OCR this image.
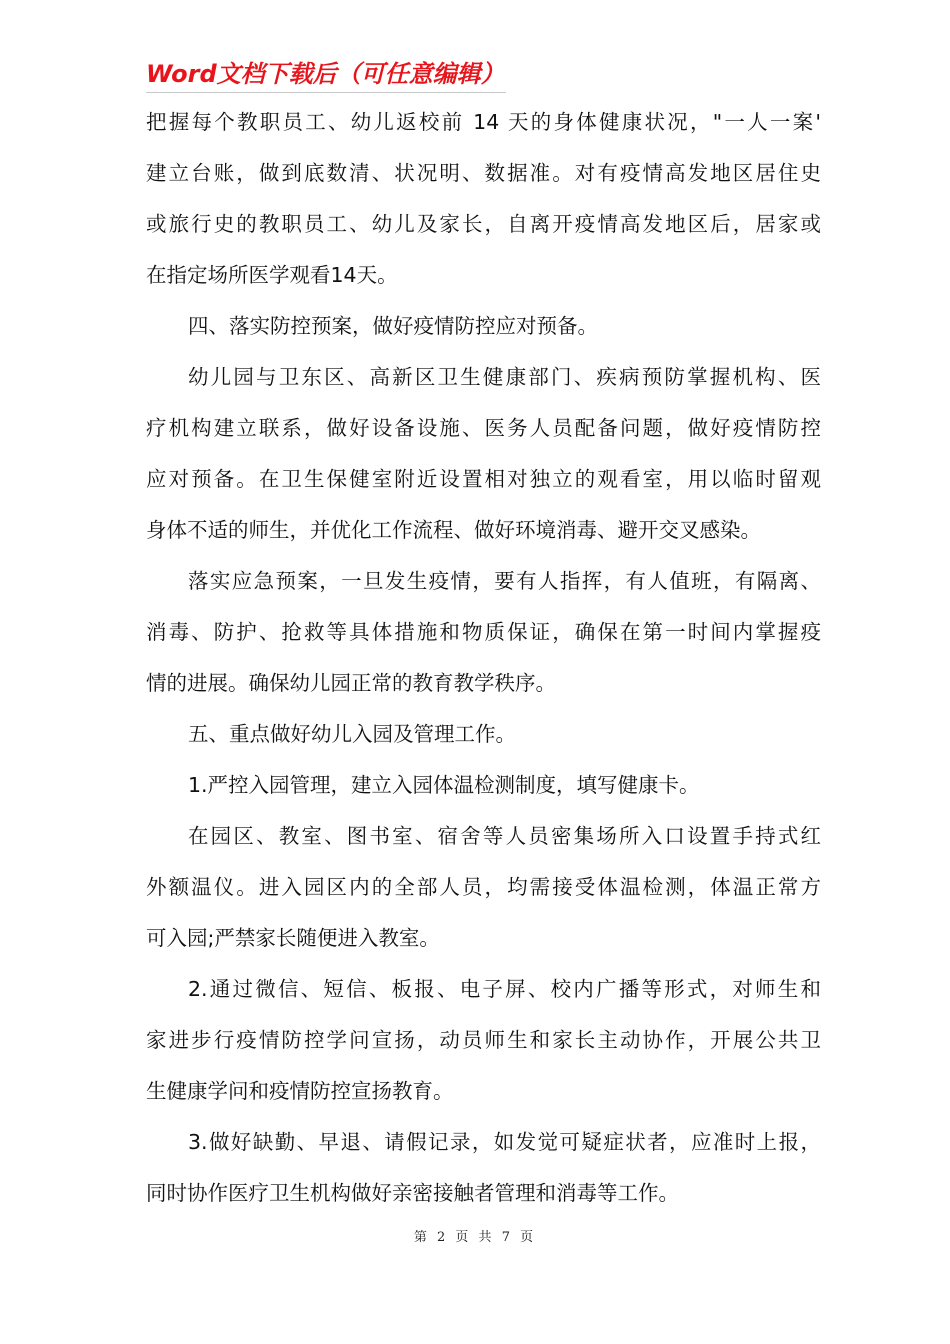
Word文档下载后（可任意编辑）
把握每个教职员工、幼儿返校前 14 天的身体健康状况，"一人一案'
建立台账，做到底数清、状况明、数据准。对有疫情高发地区居住史
或旅行史的教职员工、幼儿及家长，自离开疫情高发地区后，居家或
在指定场所医学观看14天。
四、落实防控预案，做好疫情防控应对预备。
幼儿园与卫东区、高新区卫生健康部门、疾病预防掌握机构、医
疗机构建立联系，做好设备设施、医务人员配备问题，做好疫情防控
应对预备。在卫生保健室附近设置相对独立的观看室，用以临时留观
身体不适的师生，并优化工作流程、做好环境消毒、避开交叉感染。
落实应急预案，一旦发生疫情，要有人指挥，有人值班，有隔离、
消毒、防护、抢救等具体措施和物质保证，确保在第一时间内掌握疫
情的进展。确保幼儿园正常的教育教学秩序。
五、重点做好幼儿入园及管理工作。
1.严控入园管理，建立入园体温检测制度，填写健康卡。
在园区、教室、图书室、宿舍等人员密集场所入口设置手持式红
外额温仪。进入园区内的全部人员，均需接受体温检测，体温正常方
可入园;严禁家长随便进入教室。
2.通过微信、短信、板报、电子屏、校内广播等形式，对师生和
家进步行疫情防控学问宣扬，动员师生和家长主动协作，开展公共卫
生健康学问和疫情防控宣扬教育。
3.做好缺勤、早退、请假记录，如发觉可疑症状者，应准时上报，
同时协作医疗卫生机构做好亲密接触者管理和消毒等工作。
第 2 页 共 7 页
